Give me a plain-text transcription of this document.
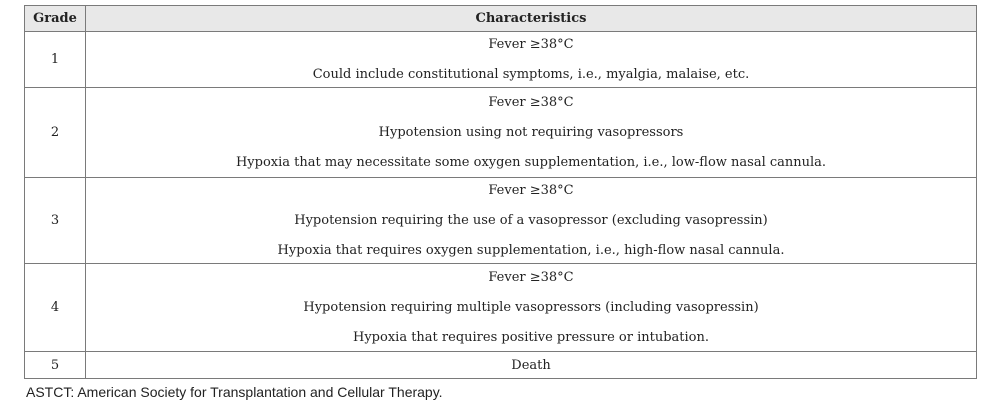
Grade	Characteristics
1	Fever ≥38°C
Could include constitutional symptoms, i.e., myalgia, malaise, etc.

2	Fever ≥38°C
Hypotension using not requiring vasopressors
Hypoxia that may necessitate some oxygen supplementation, i.e., low-flow nasal cannula.

3	Fever ≥38°C
Hypotension requiring the use of a vasopressor (excluding vasopressin)
Hypoxia that requires oxygen supplementation, i.e., high-flow nasal cannula.

4	Fever ≥38°C
Hypotension requiring multiple vasopressors (including vasopressin)
Hypoxia that requires positive pressure or intubation.

5	Death
ASTCT: American Society for Transplantation and Cellular Therapy.
